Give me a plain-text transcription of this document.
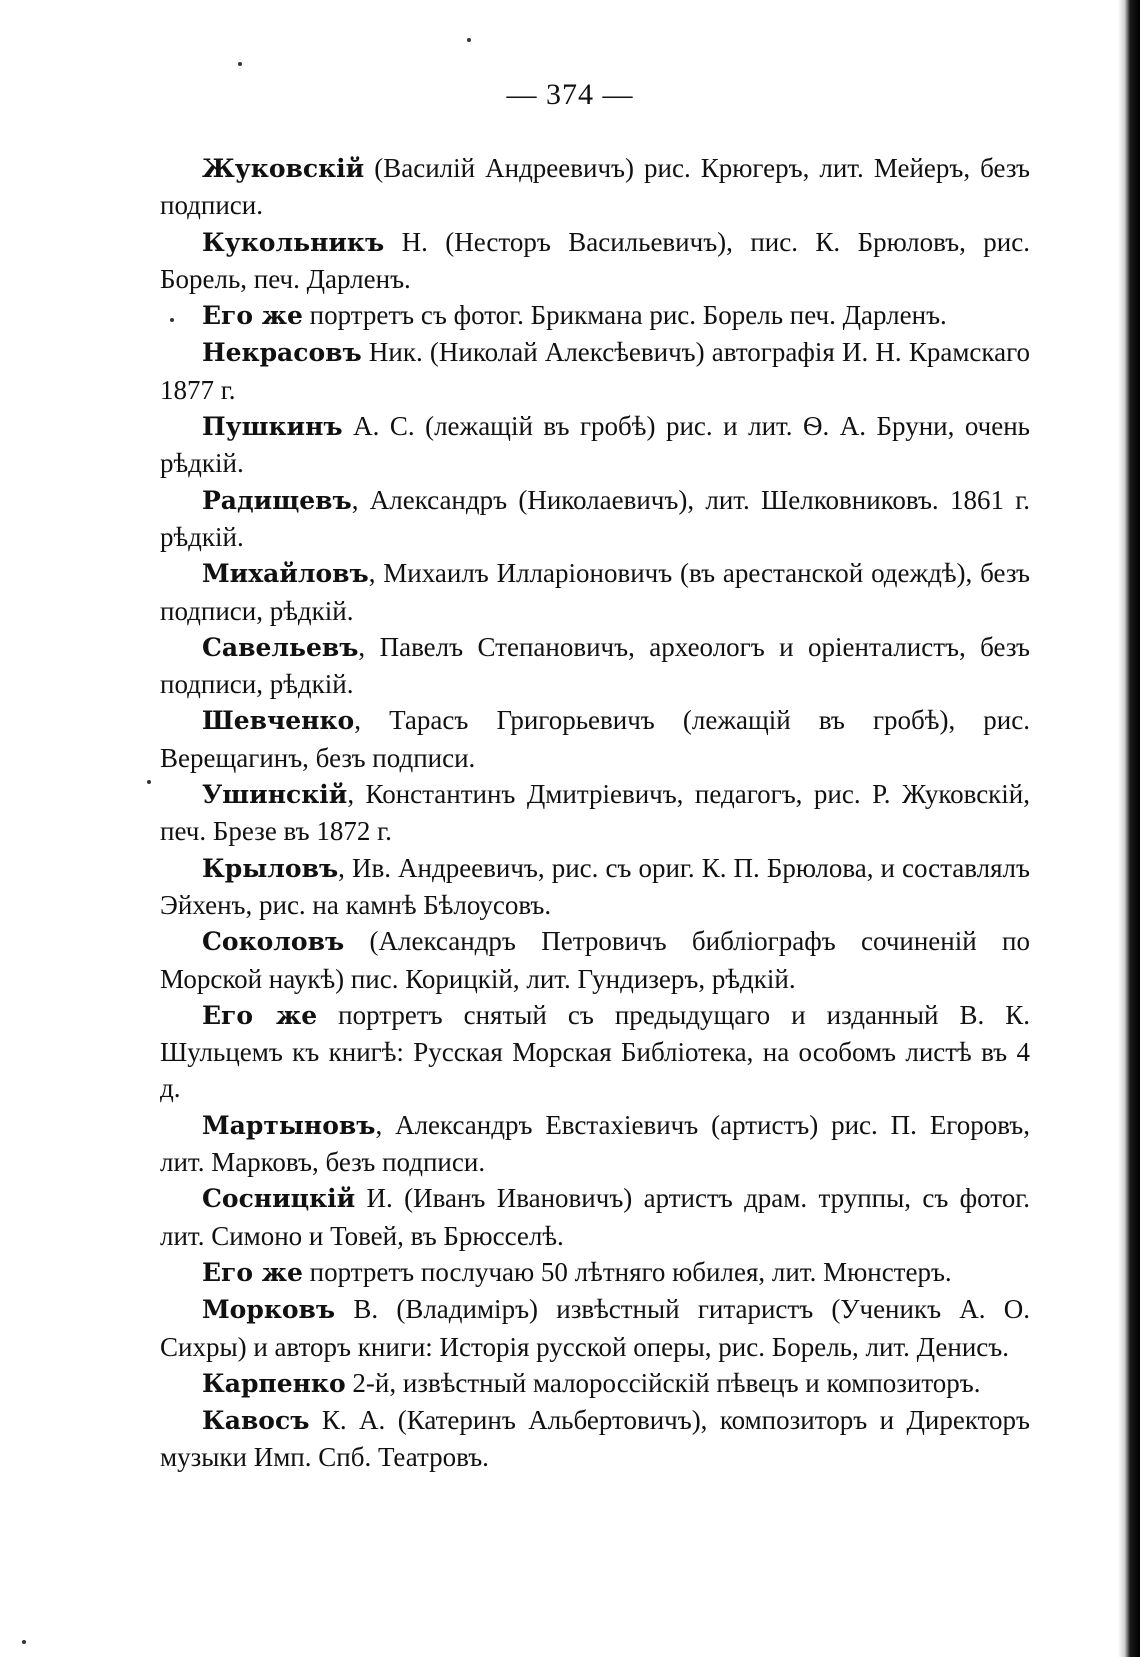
— 374 —

Жуковскій (Василій Андреевичъ) рис. Крюгеръ, лит. Мейеръ, безъ подписи.

Кукольникъ Н. (Несторъ Васильевичъ), пис. К. Брюловъ, рис. Борель, печ. Дарленъ.

Его же портретъ съ фотог. Брикмана рис. Борель печ. Дарленъ.

Некрасовъ Ник. (Николай Алексѣевичъ) автографія И. Н. Крамскаго 1877 г.

Пушкинъ А. С. (лежащій въ гробѣ) рис. и лит. Ѳ. А. Бруни, очень рѣдкій.

Радищевъ, Александръ (Николаевичъ), лит. Шелковниковъ. 1861 г. рѣдкій.

Михайловъ, Михаилъ Илларіоновичъ (въ арестанской одеждѣ), безъ подписи, рѣдкій.

Савельевъ, Павелъ Степановичъ, археологъ и оріенталистъ, безъ подписи, рѣдкій.

Шевченко, Тарасъ Григорьевичъ (лежащій въ гробѣ), рис. Верещагинъ, безъ подписи.

Ушинскій, Константинъ Дмитріевичъ, педагогъ, рис. Р. Жуковскій, печ. Брезе въ 1872 г.

Крыловъ, Ив. Андреевичъ, рис. съ ориг. К. П. Брюлова, и составлялъ Эйхенъ, рис. на камнѣ Бѣлоусовъ.

Соколовъ (Александръ Петровичъ библіографъ сочиненій по Морской наукѣ) пис. Корицкій, лит. Гундизеръ, рѣдкій.

Его же портретъ снятый съ предыдущаго и изданный В. К. Шульцемъ къ книгѣ: Русская Морская Библіотека, на особомъ листѣ въ 4 д.

Мартыновъ, Александръ Евстахіевичъ (артистъ) рис. П. Егоровъ, лит. Марковъ, безъ подписи.

Сосницкій И. (Иванъ Ивановичъ) артистъ драм. труппы, съ фотог. лит. Симоно и Товей, въ Брюсселѣ.

Его же портретъ послучаю 50 лѣтняго юбилея, лит. Мюнстеръ.

Морковъ В. (Владиміръ) извѣстный гитаристъ (Ученикъ А. О. Сихры) и авторъ книги: Исторія русской оперы, рис. Борель, лит. Денисъ.

Карпенко 2-й, извѣстный малороссійскій пѣвецъ и композиторъ.

Кавосъ К. А. (Катеринъ Альбертовичъ), композиторъ и Директоръ музыки Имп. Спб. Театровъ.
